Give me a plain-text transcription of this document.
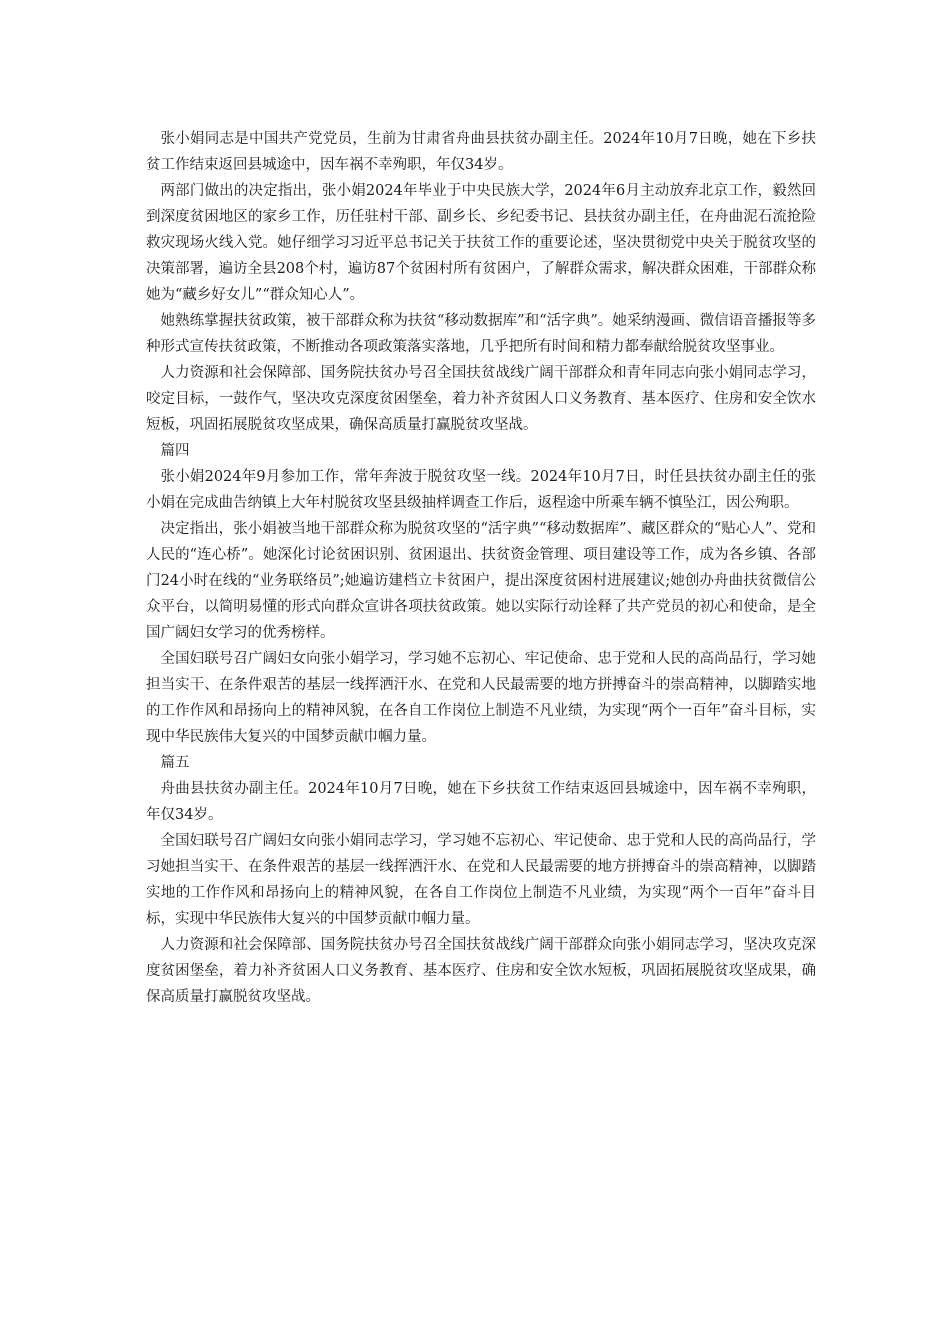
张小娟同志是中国共产党党员，生前为甘肃省舟曲县扶贫办副主任。2024年10月7日晚，她在下乡扶贫工作结束返回县城途中，因车祸不幸殉职，年仅34岁。

两部门做出的决定指出，张小娟2024年毕业于中央民族大学，2024年6月主动放弃北京工作，毅然回到深度贫困地区的家乡工作，历任驻村干部、副乡长、乡纪委书记、县扶贫办副主任，在舟曲泥石流抢险救灾现场火线入党。她仔细学习习近平总书记关于扶贫工作的重要论述，坚决贯彻党中央关于脱贫攻坚的决策部署，遍访全县208个村，遍访87个贫困村所有贫困户，了解群众需求，解决群众困难，干部群众称她为“藏乡好女儿”“群众知心人”。

她熟练掌握扶贫政策，被干部群众称为扶贫“移动数据库”和“活字典”。她采纳漫画、微信语音播报等多种形式宣传扶贫政策，不断推动各项政策落实落地，几乎把所有时间和精力都奉献给脱贫攻坚事业。

人力资源和社会保障部、国务院扶贫办号召全国扶贫战线广阔干部群众和青年同志向张小娟同志学习，咬定目标，一鼓作气，坚决攻克深度贫困堡垒，着力补齐贫困人口义务教育、基本医疗、住房和安全饮水短板，巩固拓展脱贫攻坚成果，确保高质量打赢脱贫攻坚战。

篇四

张小娟2024年9月参加工作，常年奔波于脱贫攻坚一线。2024年10月7日，时任县扶贫办副主任的张小娟在完成曲告纳镇上大年村脱贫攻坚县级抽样调查工作后，返程途中所乘车辆不慎坠江，因公殉职。

决定指出，张小娟被当地干部群众称为脱贫攻坚的“活字典”“移动数据库”、藏区群众的“贴心人”、党和人民的“连心桥”。她深化讨论贫困识别、贫困退出、扶贫资金管理、项目建设等工作，成为各乡镇、各部门24小时在线的“业务联络员”;她遍访建档立卡贫困户，提出深度贫困村进展建议;她创办舟曲扶贫微信公众平台，以简明易懂的形式向群众宣讲各项扶贫政策。她以实际行动诠释了共产党员的初心和使命，是全国广阔妇女学习的优秀榜样。

全国妇联号召广阔妇女向张小娟学习，学习她不忘初心、牢记使命、忠于党和人民的高尚品行，学习她担当实干、在条件艰苦的基层一线挥洒汗水、在党和人民最需要的地方拼搏奋斗的崇高精神，以脚踏实地的工作作风和昂扬向上的精神风貌，在各自工作岗位上制造不凡业绩，为实现“两个一百年”奋斗目标，实现中华民族伟大复兴的中国梦贡献巾帼力量。

篇五

舟曲县扶贫办副主任。2024年10月7日晚，她在下乡扶贫工作结束返回县城途中，因车祸不幸殉职，年仅34岁。

全国妇联号召广阔妇女向张小娟同志学习，学习她不忘初心、牢记使命、忠于党和人民的高尚品行，学习她担当实干、在条件艰苦的基层一线挥洒汗水、在党和人民最需要的地方拼搏奋斗的崇高精神，以脚踏实地的工作作风和昂扬向上的精神风貌，在各自工作岗位上制造不凡业绩，为实现“两个一百年”奋斗目标，实现中华民族伟大复兴的中国梦贡献巾帼力量。

人力资源和社会保障部、国务院扶贫办号召全国扶贫战线广阔干部群众向张小娟同志学习，坚决攻克深度贫困堡垒，着力补齐贫困人口义务教育、基本医疗、住房和安全饮水短板，巩固拓展脱贫攻坚成果，确保高质量打赢脱贫攻坚战。
